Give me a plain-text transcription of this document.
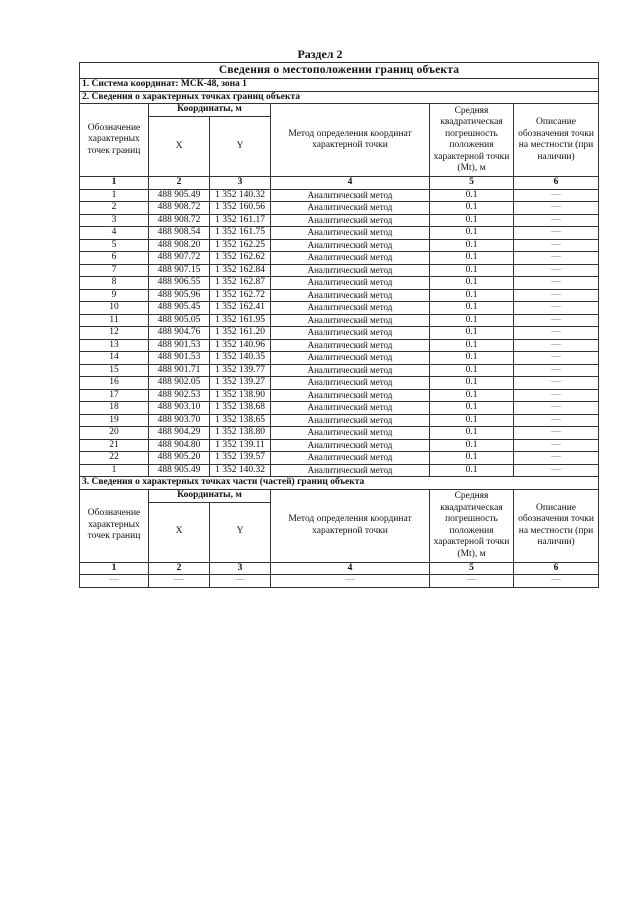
Раздел 2
Сведения о местоположении границ объекта					
1. Система координат: МСК-48, зона 1					
2. Сведения о характерных точках границ объекта					
Обозначение характерных точек границ	Координаты, м		Метод определения координат характерной точки	Средняя квадратическая погрешность положения характерной точки (Mt), м	Описание обозначения точки на местности (при наличии)
	X	Y			
1	2	3	4	5	6
1	488 905.49	1 352 140.32	Аналитический метод	0.1	—
2	488 908.72	1 352 160.56	Аналитический метод	0.1	—
3	488 908.72	1 352 161.17	Аналитический метод	0.1	—
4	488 908.54	1 352 161.75	Аналитический метод	0.1	—
5	488 908.20	1 352 162.25	Аналитический метод	0.1	—
6	488 907.72	1 352 162.62	Аналитический метод	0.1	—
7	488 907.15	1 352 162.84	Аналитический метод	0.1	—
8	488 906.55	1 352 162.87	Аналитический метод	0.1	—
9	488 905.96	1 352 162.72	Аналитический метод	0.1	—
10	488 905.45	1 352 162.41	Аналитический метод	0.1	—
11	488 905.05	1 352 161.95	Аналитический метод	0.1	—
12	488 904.76	1 352 161.20	Аналитический метод	0.1	—
13	488 901.53	1 352 140.96	Аналитический метод	0.1	—
14	488 901.53	1 352 140.35	Аналитический метод	0.1	—
15	488 901.71	1 352 139.77	Аналитический метод	0.1	—
16	488 902.05	1 352 139.27	Аналитический метод	0.1	—
17	488 902.53	1 352 138.90	Аналитический метод	0.1	—
18	488 903.10	1 352 138.68	Аналитический метод	0.1	—
19	488 903.70	1 352 138.65	Аналитический метод	0.1	—
20	488 904.29	1 352 138.80	Аналитический метод	0.1	—
21	488 904.80	1 352 139.11	Аналитический метод	0.1	—
22	488 905.20	1 352 139.57	Аналитический метод	0.1	—
1	488 905.49	1 352 140.32	Аналитический метод	0.1	—
3. Сведения о характерных точках части (частей) границ объекта					
Обозначение характерных точек границ	Координаты, м		Метод определения координат характерной точки	Средняя квадратическая погрешность положения характерной точки (Mt), м	Описание обозначения точки на местности (при наличии)
	X	Y			
1	2	3	4	5	6
—	—	—	—	—	—
